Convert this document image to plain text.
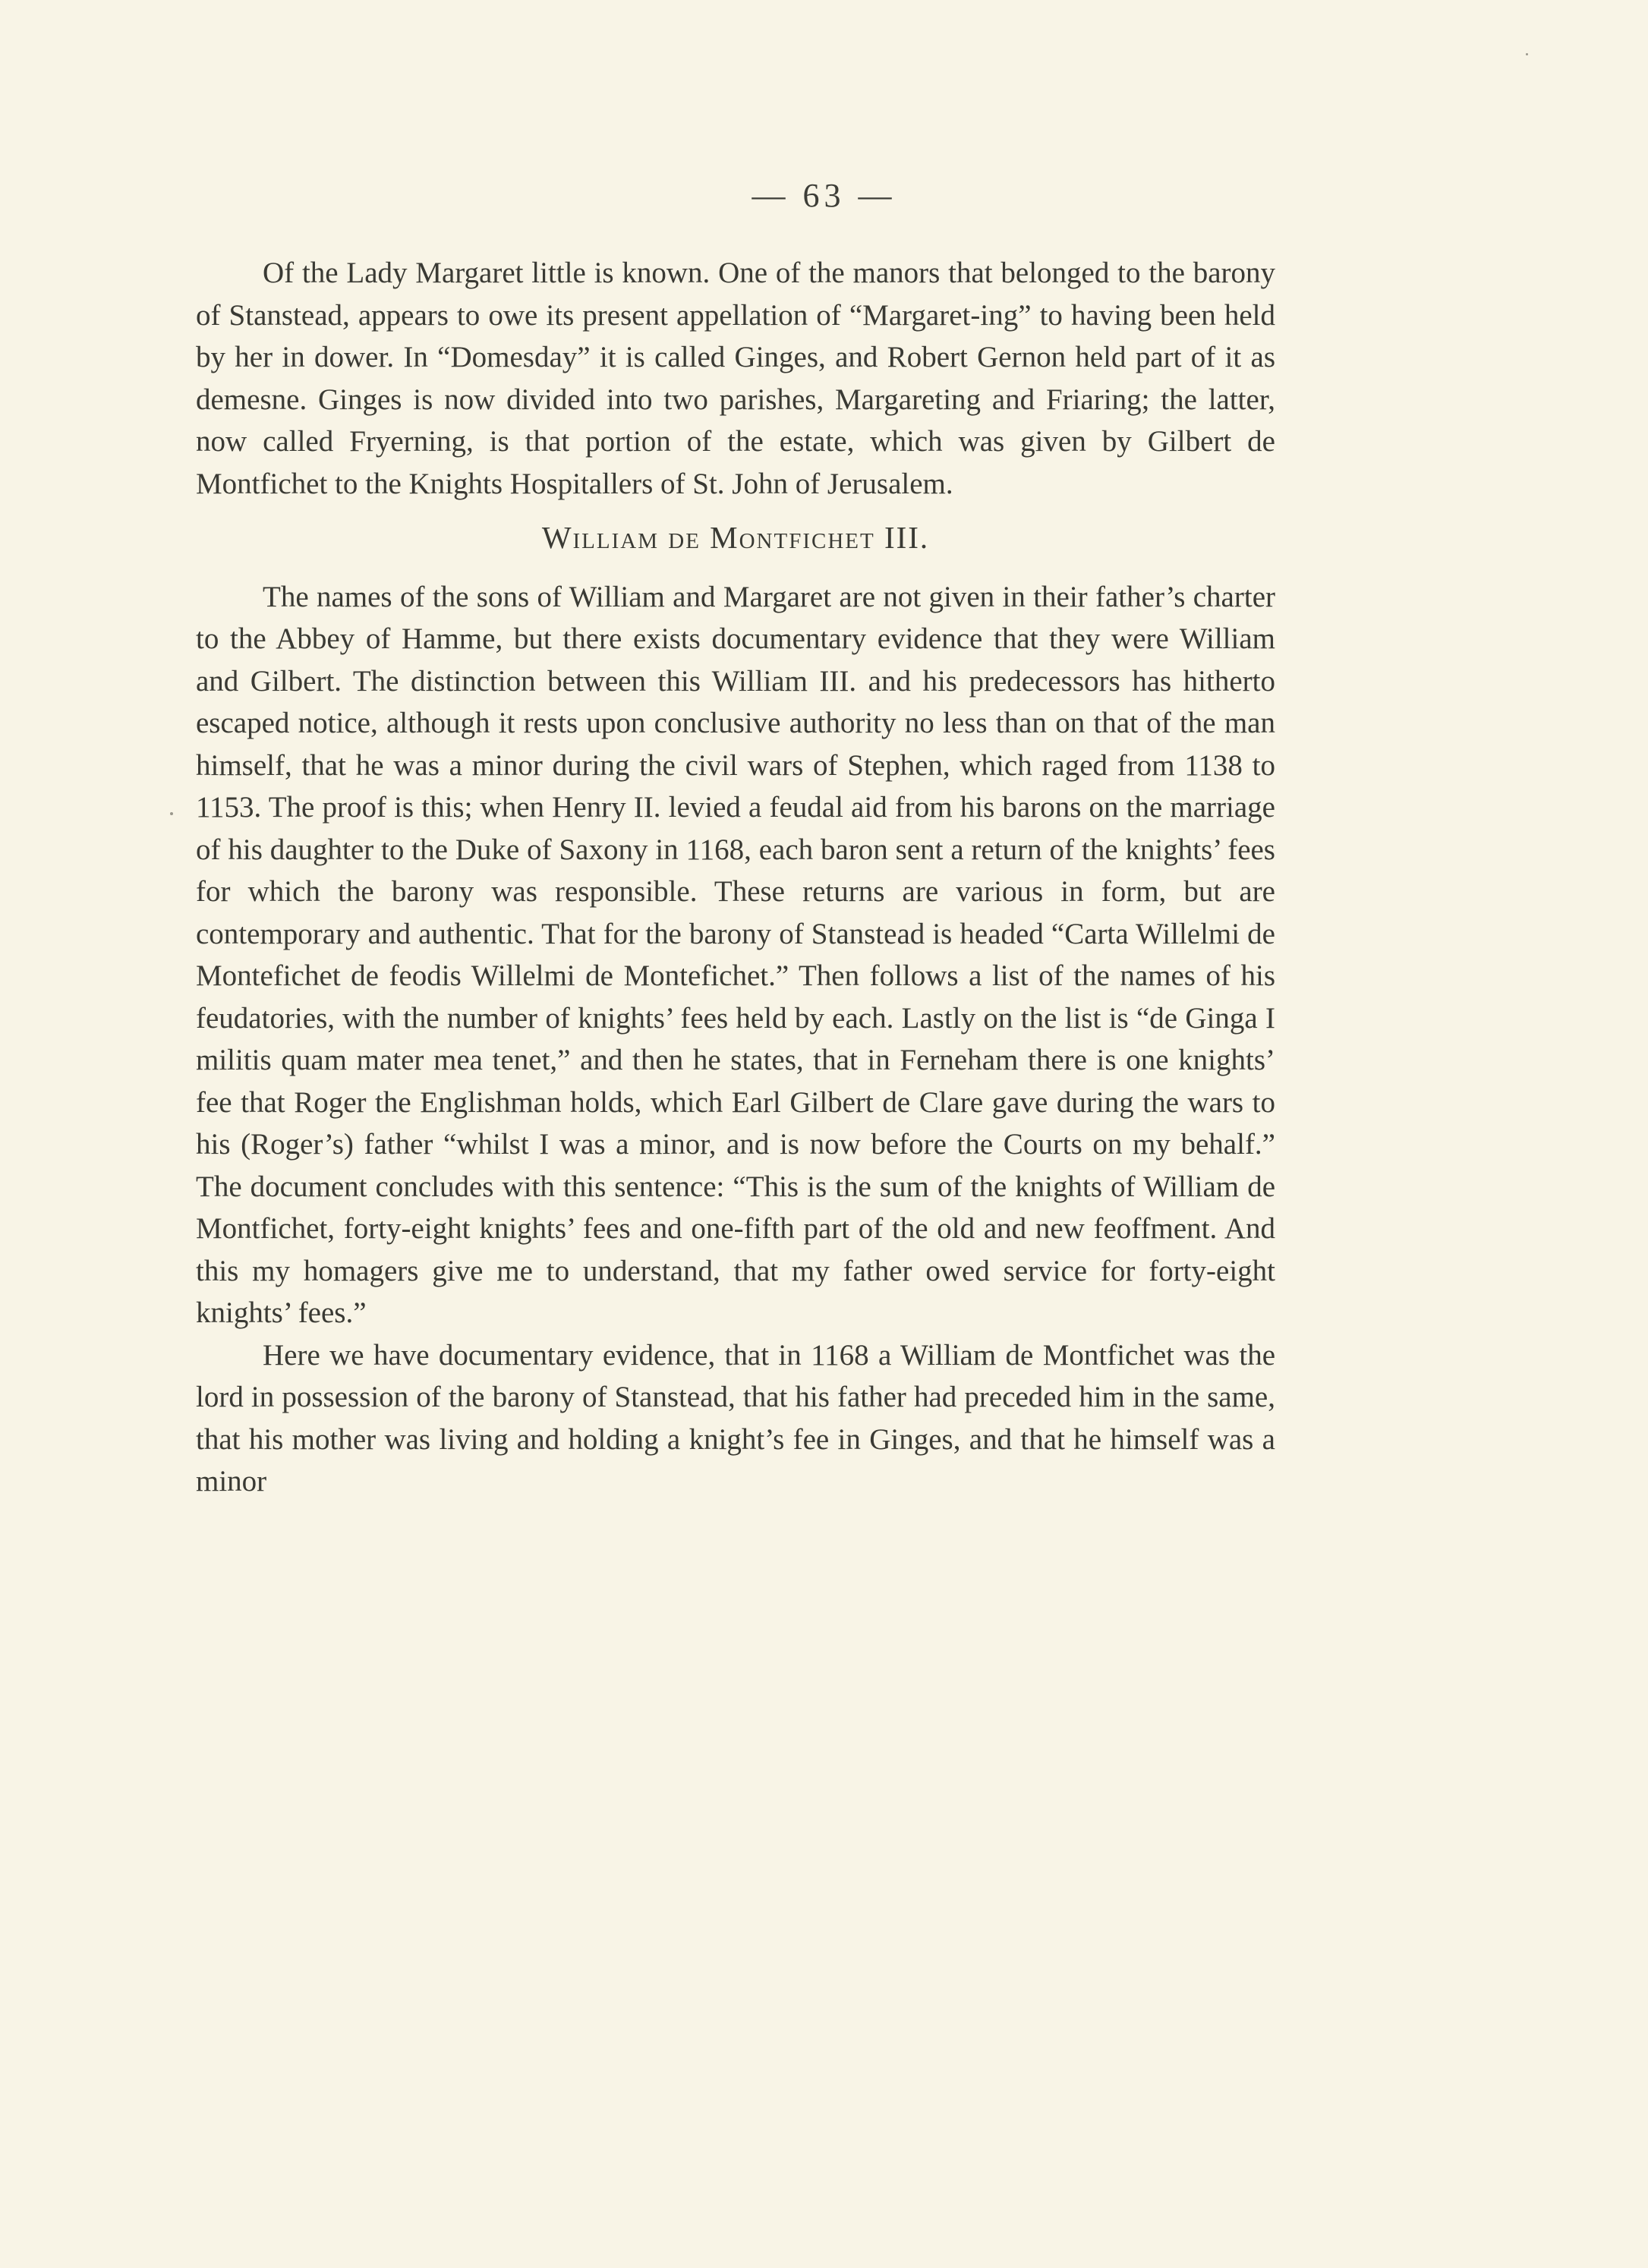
— 63 —

Of the Lady Margaret little is known. One of the manors that belonged to the barony of Stanstead, appears to owe its present appellation of “Margaret-ing” to having been held by her in dower. In “Domesday” it is called Ginges, and Robert Gernon held part of it as demesne. Ginges is now divided into two parishes, Margareting and Friaring; the latter, now called Fryerning, is that portion of the estate, which was given by Gilbert de Montfichet to the Knights Hospitallers of St. John of Jerusalem.

William de Montfichet III.

The names of the sons of William and Margaret are not given in their father’s charter to the Abbey of Hamme, but there exists documentary evidence that they were William and Gilbert. The distinction between this William III. and his predecessors has hitherto escaped notice, although it rests upon conclusive authority no less than on that of the man himself, that he was a minor during the civil wars of Stephen, which raged from 1138 to 1153. The proof is this; when Henry II. levied a feudal aid from his barons on the marriage of his daughter to the Duke of Saxony in 1168, each baron sent a return of the knights’ fees for which the barony was responsible. These returns are various in form, but are contemporary and authentic. That for the barony of Stanstead is headed “Carta Willelmi de Montefichet de feodis Willelmi de Montefichet.” Then follows a list of the names of his feudatories, with the number of knights’ fees held by each. Lastly on the list is “de Ginga I militis quam mater mea tenet,” and then he states, that in Ferneham there is one knights’ fee that Roger the Englishman holds, which Earl Gilbert de Clare gave during the wars to his (Roger’s) father “whilst I was a minor, and is now before the Courts on my behalf.” The document concludes with this sentence: “This is the sum of the knights of William de Montfichet, forty-eight knights’ fees and one-fifth part of the old and new feoffment. And this my homagers give me to understand, that my father owed service for forty-eight knights’ fees.”

Here we have documentary evidence, that in 1168 a William de Montfichet was the lord in possession of the barony of Stanstead, that his father had preceded him in the same, that his mother was living and holding a knight’s fee in Ginges, and that he himself was a minor
